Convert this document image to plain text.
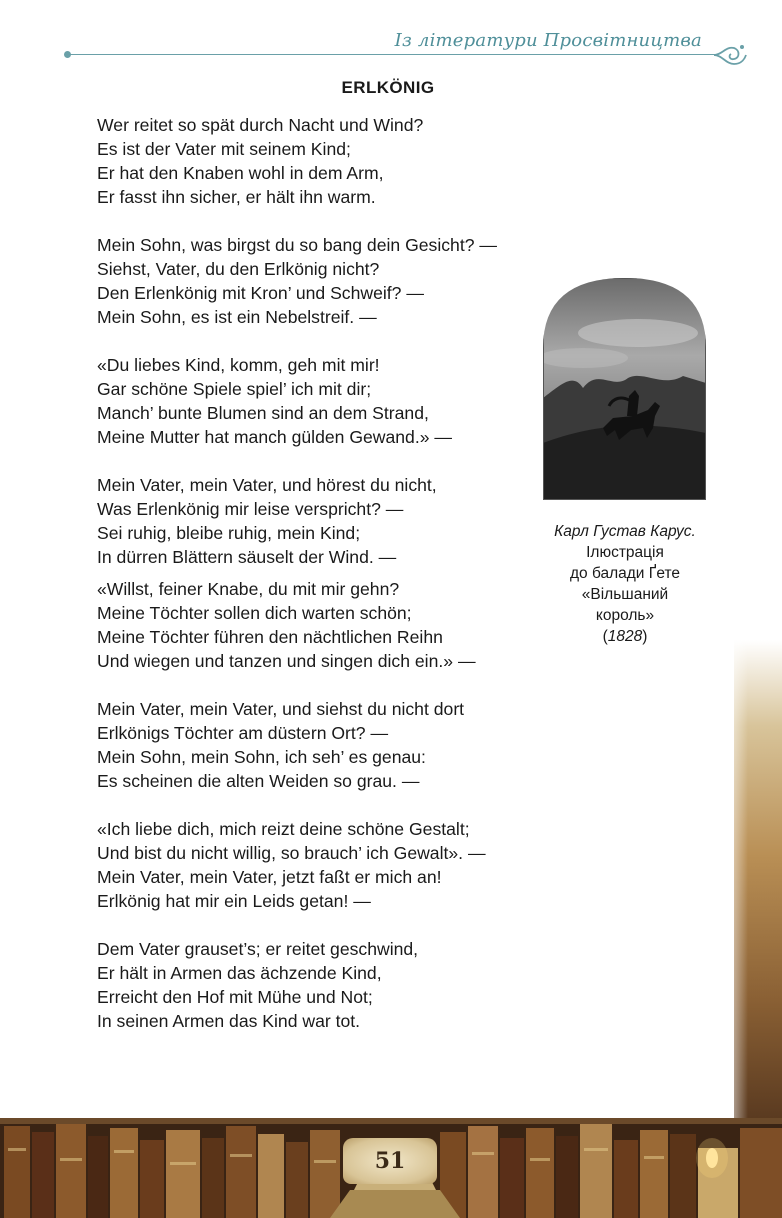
Із літератури Просвітництва
ERLKÖNIG
Wer reitet so spät durch Nacht und Wind?
Es ist der Vater mit seinem Kind;
Er hat den Knaben wohl in dem Arm,
Er fasst ihn sicher, er hält ihn warm.
Mein Sohn, was birgst du so bang dein Gesicht? —
Siehst, Vater, du den Erlkönig nicht?
Den Erlenkönig mit Kron’ und Schweif? —
Mein Sohn, es ist ein Nebelstreif. —
«Du liebes Kind, komm, geh mit mir!
Gar schöne Spiele spiel’ ich mit dir;
Manch’ bunte Blumen sind an dem Strand,
Meine Mutter hat manch gülden Gewand.» —
Mein Vater, mein Vater, und hörest du nicht,
Was Erlenkönig mir leise verspricht? —
Sei ruhig, bleibe ruhig, mein Kind;
In dürren Blättern säuselt der Wind. —
«Willst, feiner Knabe, du mit mir gehn?
Meine Töchter sollen dich warten schön;
Meine Töchter führen den nächtlichen Reihn
Und wiegen und tanzen und singen dich ein.» —
Mein Vater, mein Vater, und siehst du nicht dort
Erlkönigs Töchter am düstern Ort? —
Mein Sohn, mein Sohn, ich seh’ es genau:
Es scheinen die alten Weiden so grau. —
«Ich liebe dich, mich reizt deine schöne Gestalt;
Und bist du nicht willig, so brauch’ ich Gewalt». —
Mein Vater, mein Vater, jetzt faßt er mich an!
Erlkönig hat mir ein Leids getan! —
Dem Vater grauset’s; er reitet geschwind,
Er hält in Armen das ächzende Kind,
Erreicht den Hof mit Mühe und Not;
In seinen Armen das Kind war tot.
Карл Густав Карус.
Ілюстрація
до балади Ґете
«Вільшаний
король»
(1828)
51
